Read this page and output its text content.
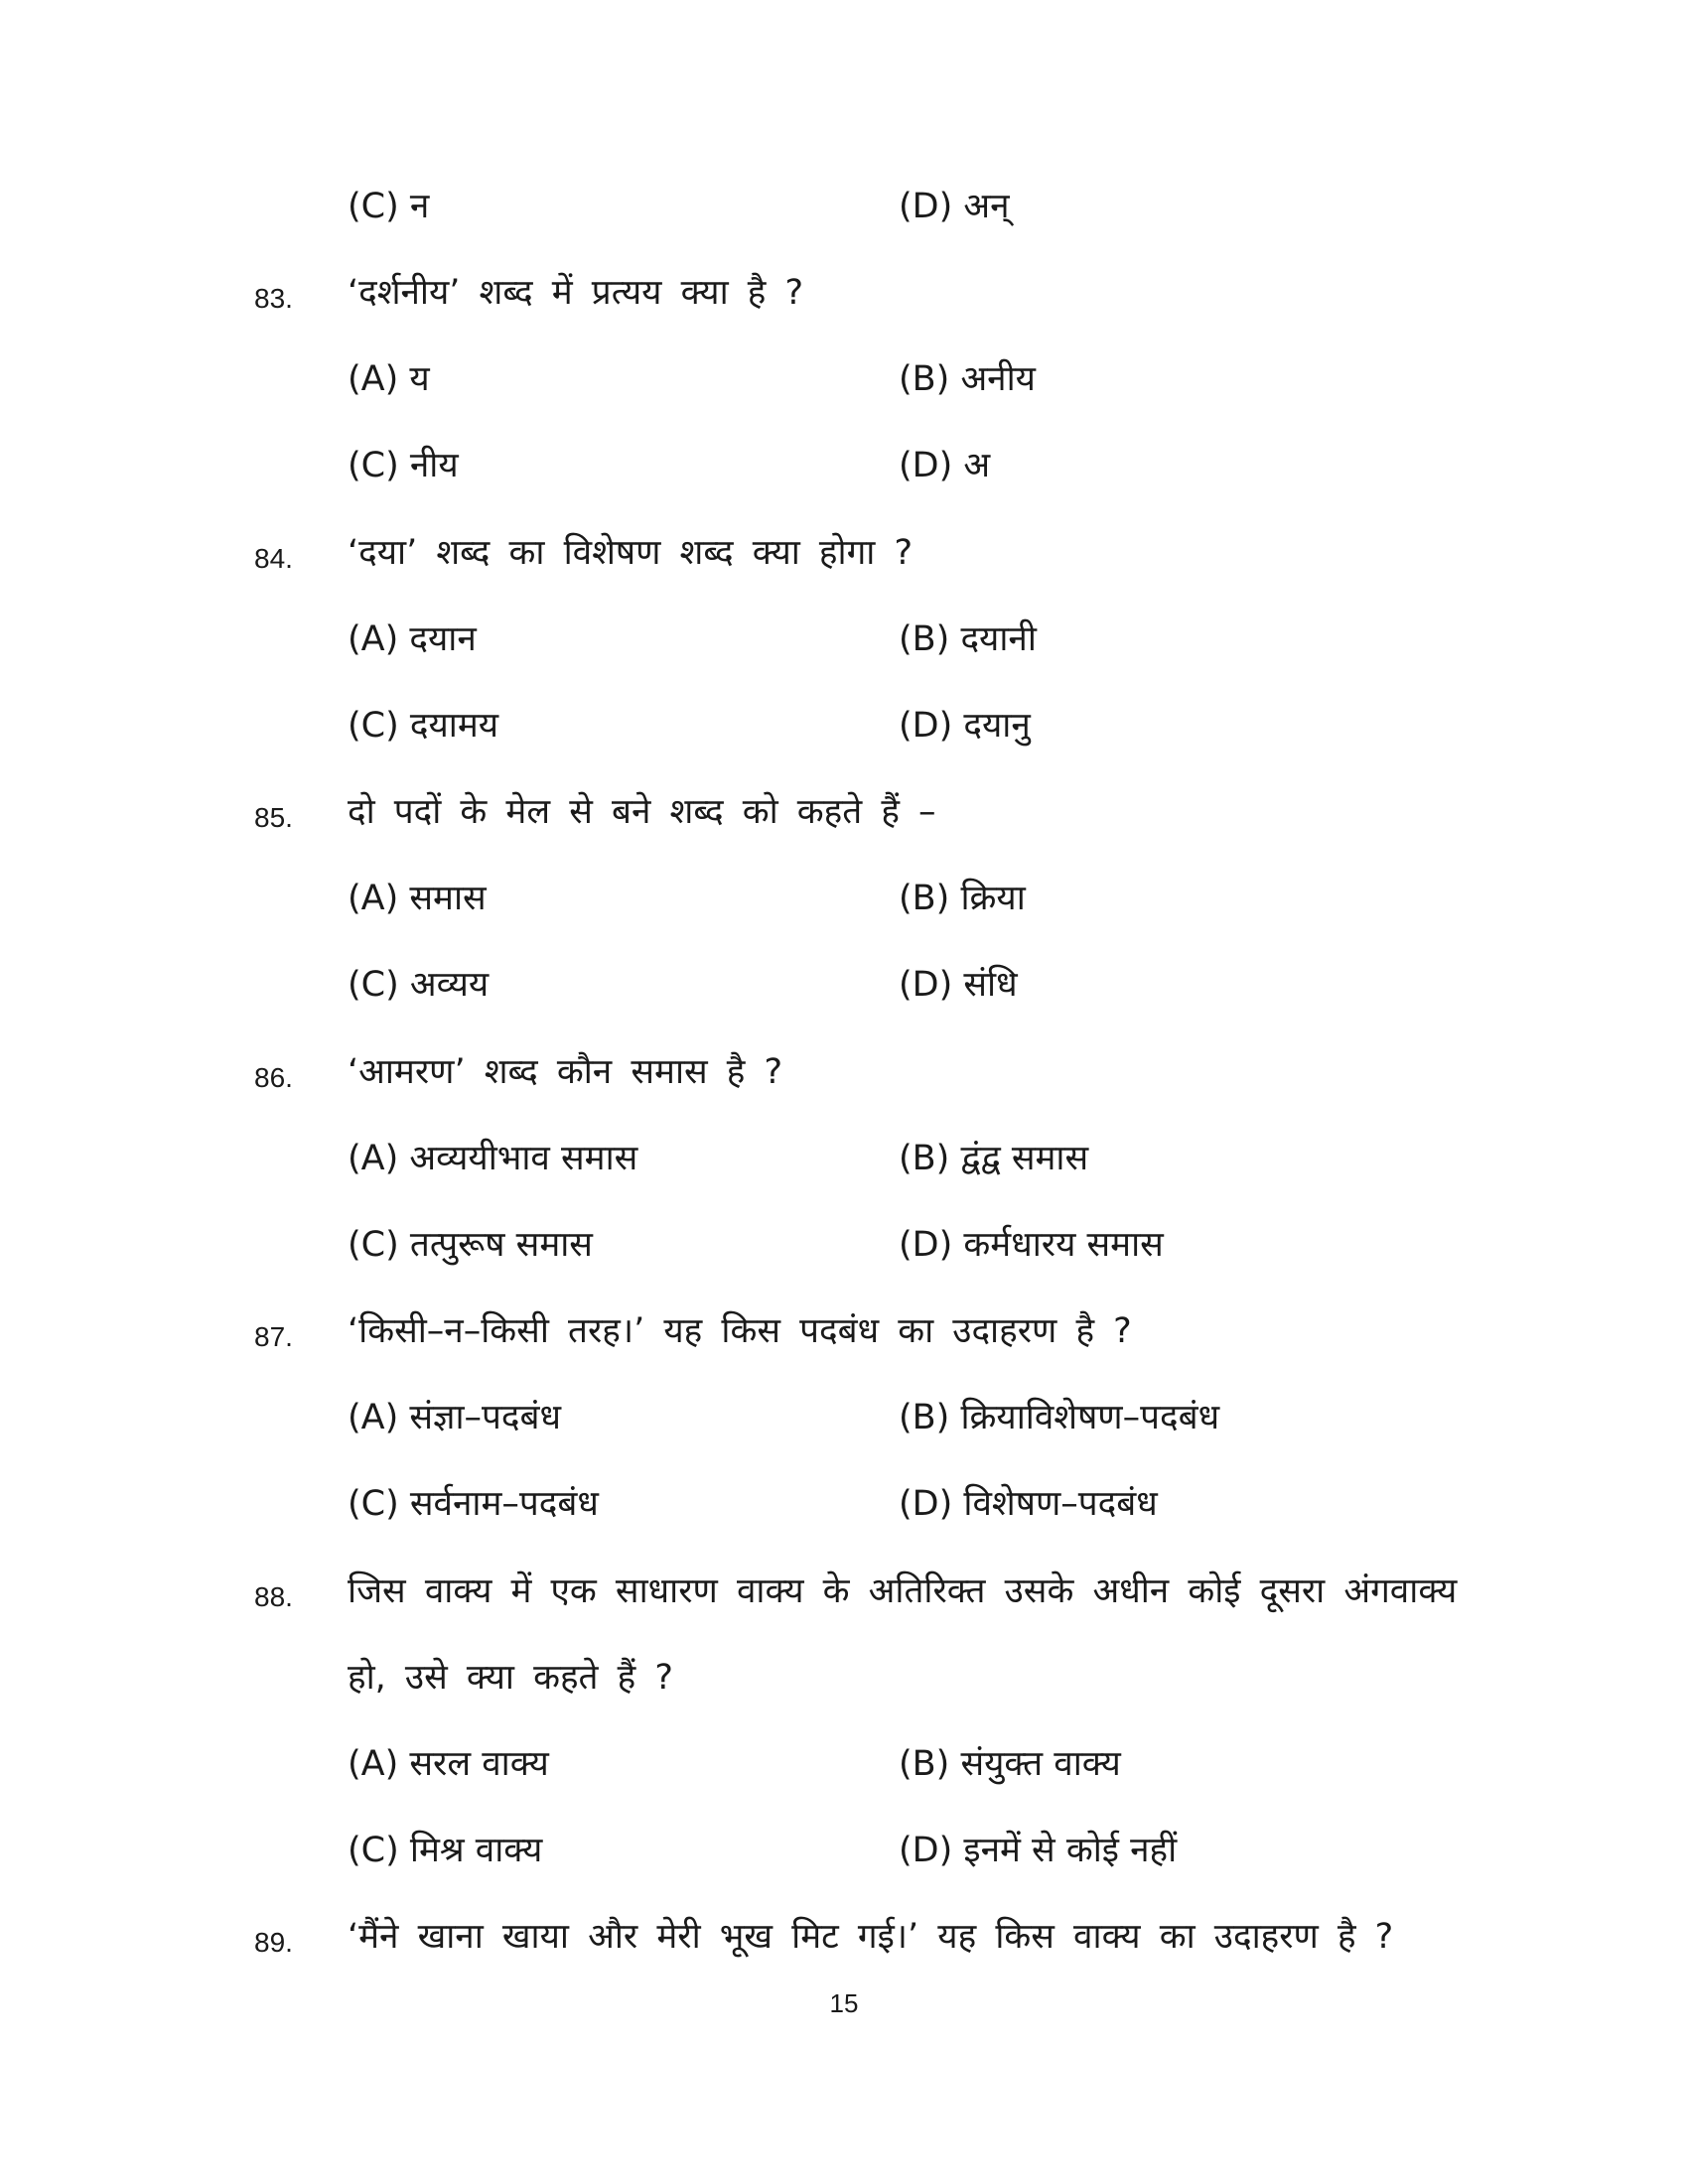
(C) न	(D) अन्
83. ‘दर्शनीय’ शब्द में प्रत्यय क्या है ?
(A) य	(B) अनीय
(C) नीय	(D) अ
84. ‘दया’ शब्द का विशेषण शब्द क्या होगा ?
(A) दयान	(B) दयानी
(C) दयामय	(D) दयानु
85. दो पदों के मेल से बने शब्द को कहते हैं –
(A) समास	(B) क्रिया
(C) अव्यय	(D) संधि
86. ‘आमरण’ शब्द कौन समास है ?
(A) अव्ययीभाव समास	(B) द्वंद्व समास
(C) तत्पुरूष समास	(D) कर्मधारय समास
87. ‘किसी–न–किसी तरह।’ यह किस पदबंध का उदाहरण है ?
(A) संज्ञा–पदबंध	(B) क्रियाविशेषण–पदबंध
(C) सर्वनाम–पदबंध	(D) विशेषण–पदबंध
88. जिस वाक्य में एक साधारण वाक्य के अतिरिक्त उसके अधीन कोई दूसरा अंगवाक्य
हो, उसे क्या कहते हैं ?
(A) सरल वाक्य	(B) संयुक्त वाक्य
(C) मिश्र वाक्य	(D) इनमें से कोई नहीं
89. ‘मैंने खाना खाया और मेरी भूख मिट गई।’ यह किस वाक्य का उदाहरण है ?
15
